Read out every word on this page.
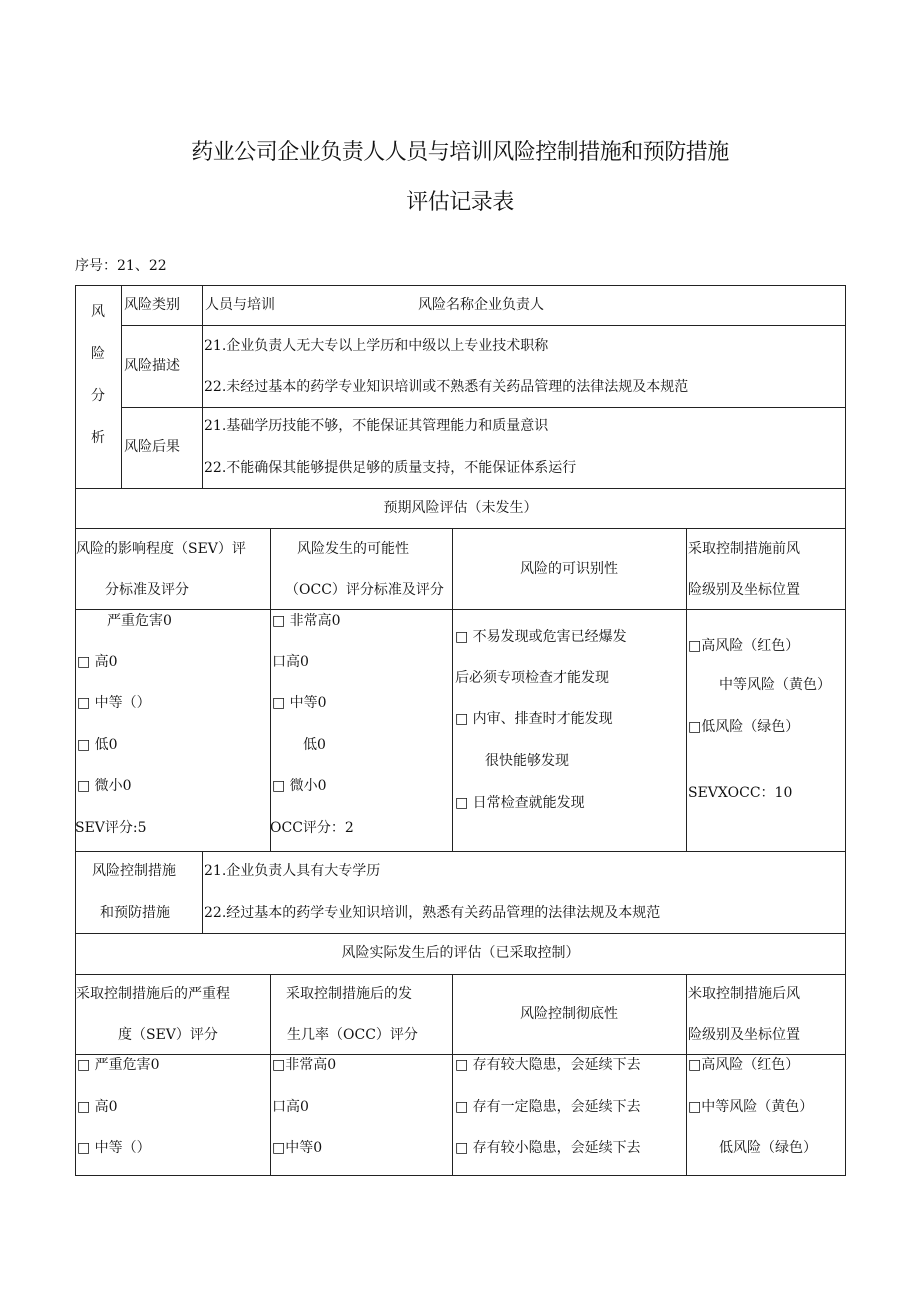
药业公司企业负责人人员与培训风险控制措施和预防措施
评估记录表
序号：21、22
风
险
分
析
风险类别 人员与培训	风险名称企业负责人
风险描述
21.企业负责人无大专以上学历和中级以上专业技术职称
22.未经过基本的药学专业知识培训或不熟悉有关药品管理的法律法规及本规范
风险后果
21.基础学历技能不够，不能保证其管理能力和质量意识
22.不能确保其能够提供足够的质量支持，不能保证体系运行
预期风险评估（未发生）
风险的影响程度（SEV）评
分标准及评分
风险发生的可能性
（OCC）评分标准及评分
风险的可识别性
采取控制措施前风
险级别及坐标位置
严重危害0
□ 高0
□ 中等（）
□ 低0
□ 微小0
SEV评分:5
□ 非常高0
口高0
□ 中等0
低0
□ 微小0
OCC评分：2
□ 不易发现或危害已经爆发
后必须专项检查才能发现
□ 内审、排查时才能发现
很快能够发现
□ 日常检查就能发现
□高风险（红色）
中等风险（黄色）
□低风险（绿色）
SEVXOCC：10
风险控制措施
和预防措施
21.企业负责人具有大专学历
22.经过基本的药学专业知识培训，熟悉有关药品管理的法律法规及本规范
风险实际发生后的评估（已采取控制）
采取控制措施后的严重程
度（SEV）评分
采取控制措施后的发
生几率（OCC）评分
风险控制彻底性
米取控制措施后风
险级别及坐标位置
□ 严重危害0
□ 高0
□ 中等（）
□非常高0
口高0
□中等0
□ 存有较大隐患，会延续下去
□ 存有一定隐患，会延续下去
□ 存有较小隐患，会延续下去
□高风险（红色）
□中等风险（黄色）
低风险（绿色）
